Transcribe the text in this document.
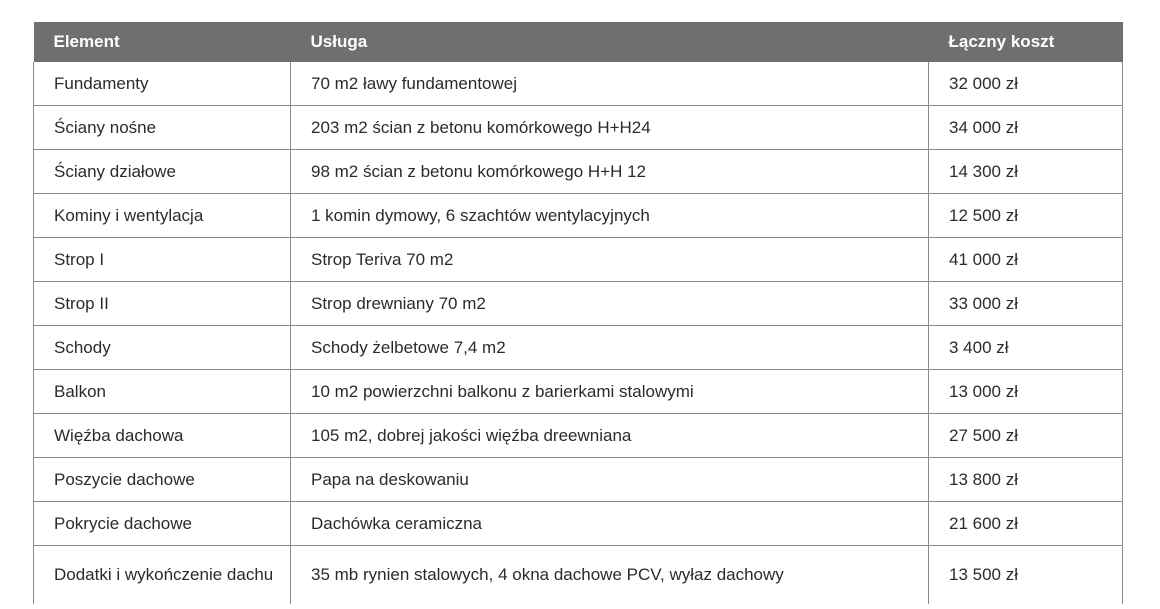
Element	Usługa	Łączny koszt
Fundamenty	70 m2 ławy fundamentowej	32 000 zł
Ściany nośne	203 m2 ścian z betonu komórkowego H+H24	34 000 zł
Ściany działowe	98 m2 ścian z betonu komórkowego H+H 12	14 300 zł
Kominy i wentylacja	1 komin dymowy, 6 szachtów wentylacyjnych	12 500 zł
Strop I	Strop Teriva 70 m2	41 000 zł
Strop II	Strop drewniany 70 m2	33 000 zł
Schody	Schody żelbetowe 7,4 m2	3 400 zł
Balkon	10 m2 powierzchni balkonu z barierkami stalowymi	13 000 zł
Więźba dachowa	105 m2, dobrej jakości więźba dreewniana	27 500 zł
Poszycie dachowe	Papa na deskowaniu	13 800 zł
Pokrycie dachowe	Dachówka ceramiczna	21 600 zł
Dodatki i wykończenie dachu	35 mb rynien stalowych, 4 okna dachowe PCV, wyłaz dachowy	13 500 zł
